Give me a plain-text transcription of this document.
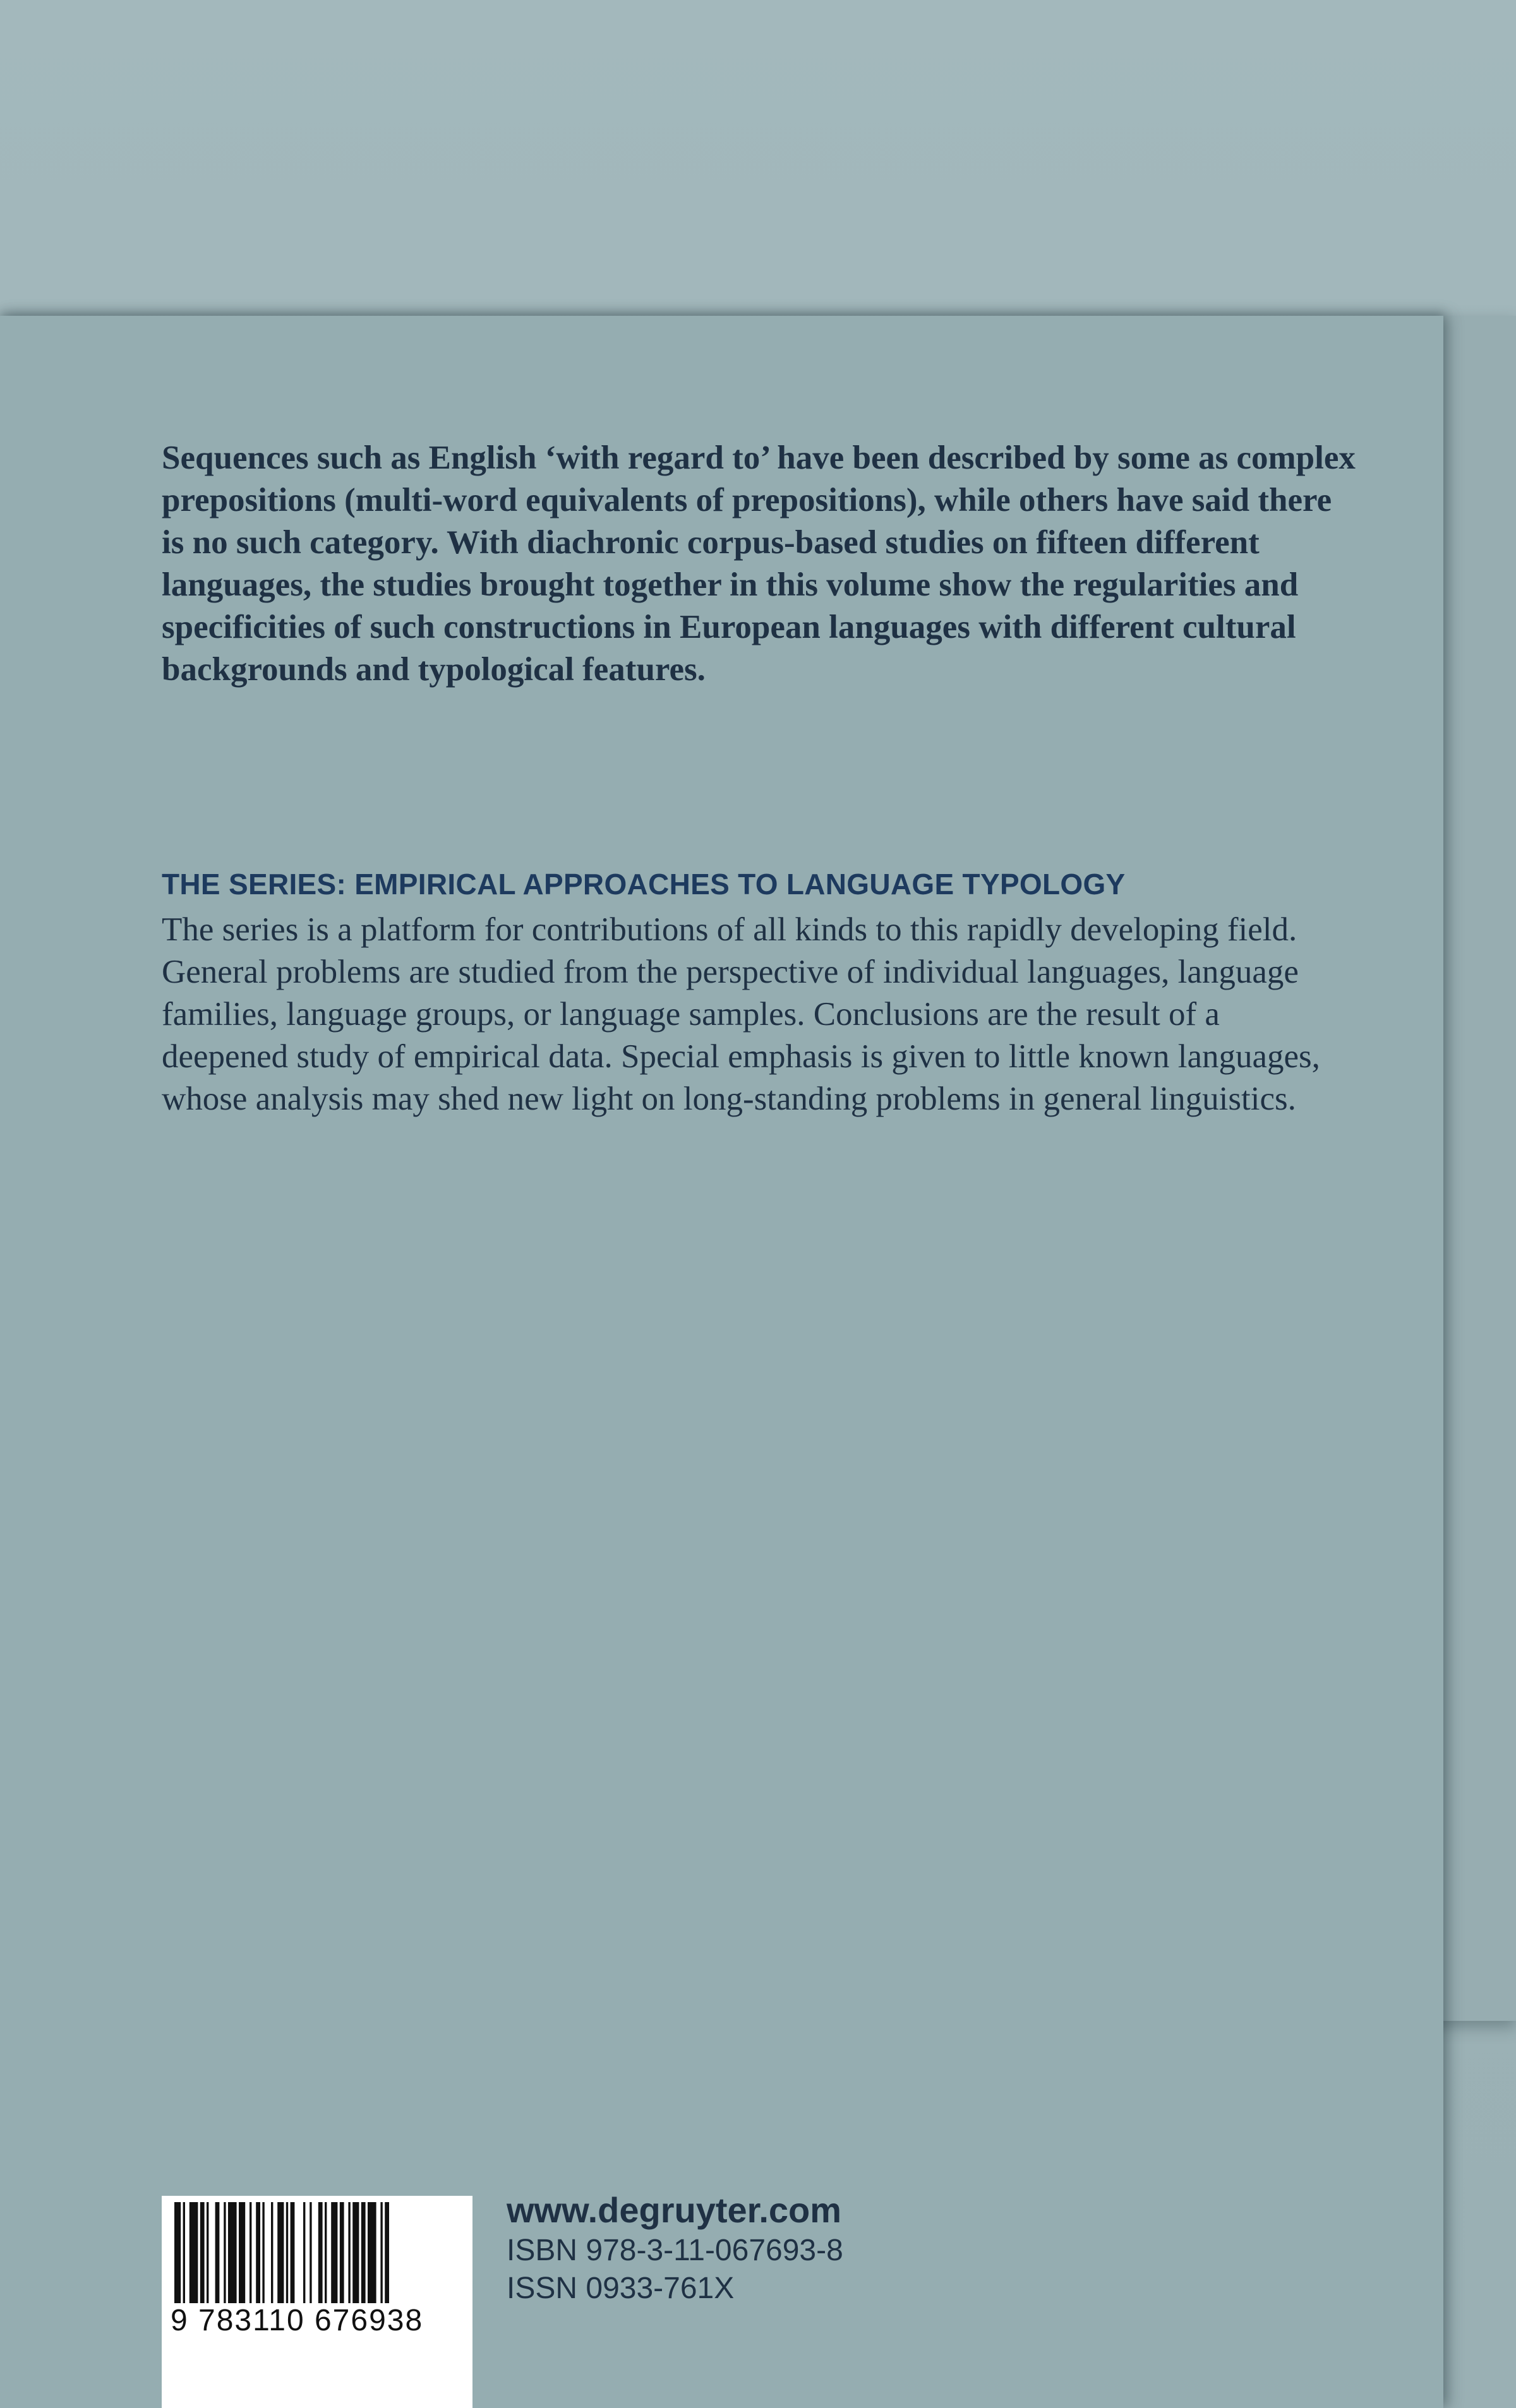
Sequences such as English ‘with regard to’ have been described by some as complex prepositions (multi-word equivalents of prepositions), while others have said there is no such category. With diachronic corpus-based studies on fifteen different languages, the studies brought together in this volume show the regularities and specificities of such constructions in European languages with different cultural backgrounds and typological features.

THE SERIES: EMPIRICAL APPROACHES TO LANGUAGE TYPOLOGY

The series is a platform for contributions of all kinds to this rapidly developing field. General problems are studied from the perspective of individual languages, language families, language groups, or language samples. Conclusions are the result of a deepened study of empirical data. Special emphasis is given to little known languages, whose analysis may shed new light on long-standing problems in general linguistics.

9 783110 676938
www.degruyter.com
ISBN 978-3-11-067693-8
ISSN 0933-761X
